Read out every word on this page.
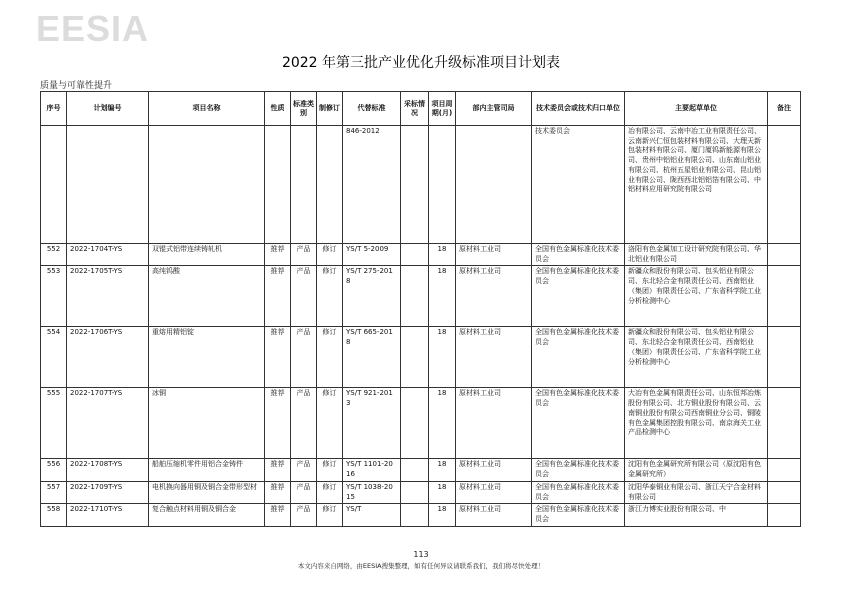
EESIA
2022 年第三批产业优化升级标准项目计划表
质量与可靠性提升
序号	计划编号	项目名称	性质	标准类别	制修订	代替标准	采标情况	项目周期(月)	部内主管司局	技术委员会或技术归口单位	主要起草单位	备注
						846-2012				技术委员会	冶有限公司、云南中冶工业有限责任公司、云南新兴仁恒包装材料有限公司、大理天新包装材料有限公司、厦门厦钨新能源有限公司、贵州中铝铝业有限公司、山东南山铝业有限公司、杭州五星铝业有限公司、昆山铝业有限公司、陇西西北铝铝箔有限公司、中铝材料应用研究院有限公司	
552	2022-1704T-YS	双锟式铝带连续铸轧机	推荐	产品	修订	YS/T 5-2009		18	原材料工业司	全国有色金属标准化技术委员会	洛阳有色金属加工设计研究院有限公司、华北铝业有限公司	
553	2022-1705T-YS	高纯钨酸	推荐	产品	修订	YS/T 275-2018		18	原材料工业司	全国有色金属标准化技术委员会	新疆众和股份有限公司、包头铝业有限公司、东北轻合金有限责任公司、西南铝业（集团）有限责任公司、广东省科学院工业分析检测中心	
554	2022-1706T-YS	重熔用精铝锭	推荐	产品	修订	YS/T 665-2018		18	原材料工业司	全国有色金属标准化技术委员会	新疆众和股份有限公司、包头铝业有限公司、东北轻合金有限责任公司、西南铝业（集团）有限责任公司、广东省科学院工业分析检测中心	
555	2022-1707T-YS	冰铜	推荐	产品	修订	YS/T 921-2013		18	原材料工业司	全国有色金属标准化技术委员会	大冶有色金属有限责任公司、山东恒邦冶炼股份有限公司、北方铜业股份有限公司、云南铜业股份有限公司西南铜业分公司、铜陵有色金属集团控股有限公司、南京海关工业产品检测中心	
556	2022-1708T-YS	船舶压缩机零件用铝合金铸件	推荐	产品	修订	YS/T 1101-2016		18	原材料工业司	全国有色金属标准化技术委员会	沈阳有色金属研究所有限公司（原沈阳有色金属研究所）	
557	2022-1709T-YS	电机换向器用铜及铜合金带形型材	推荐	产品	修订	YS/T 1038-2015		18	原材料工业司	全国有色金属标准化技术委员会	沈阳华泰铜业有限公司、浙江天宁合金材料有限公司	
558	2022-1710T-YS	复合触点材料用铜及铜合金	推荐	产品	修订	YS/T		18	原材料工业司	全国有色金属标准化技术委员会	浙江力博实业股份有限公司、中	
113
本文内容来自网络，由EESIA搜集整理，如有任何异议请联系我们，我们将尽快处理！
